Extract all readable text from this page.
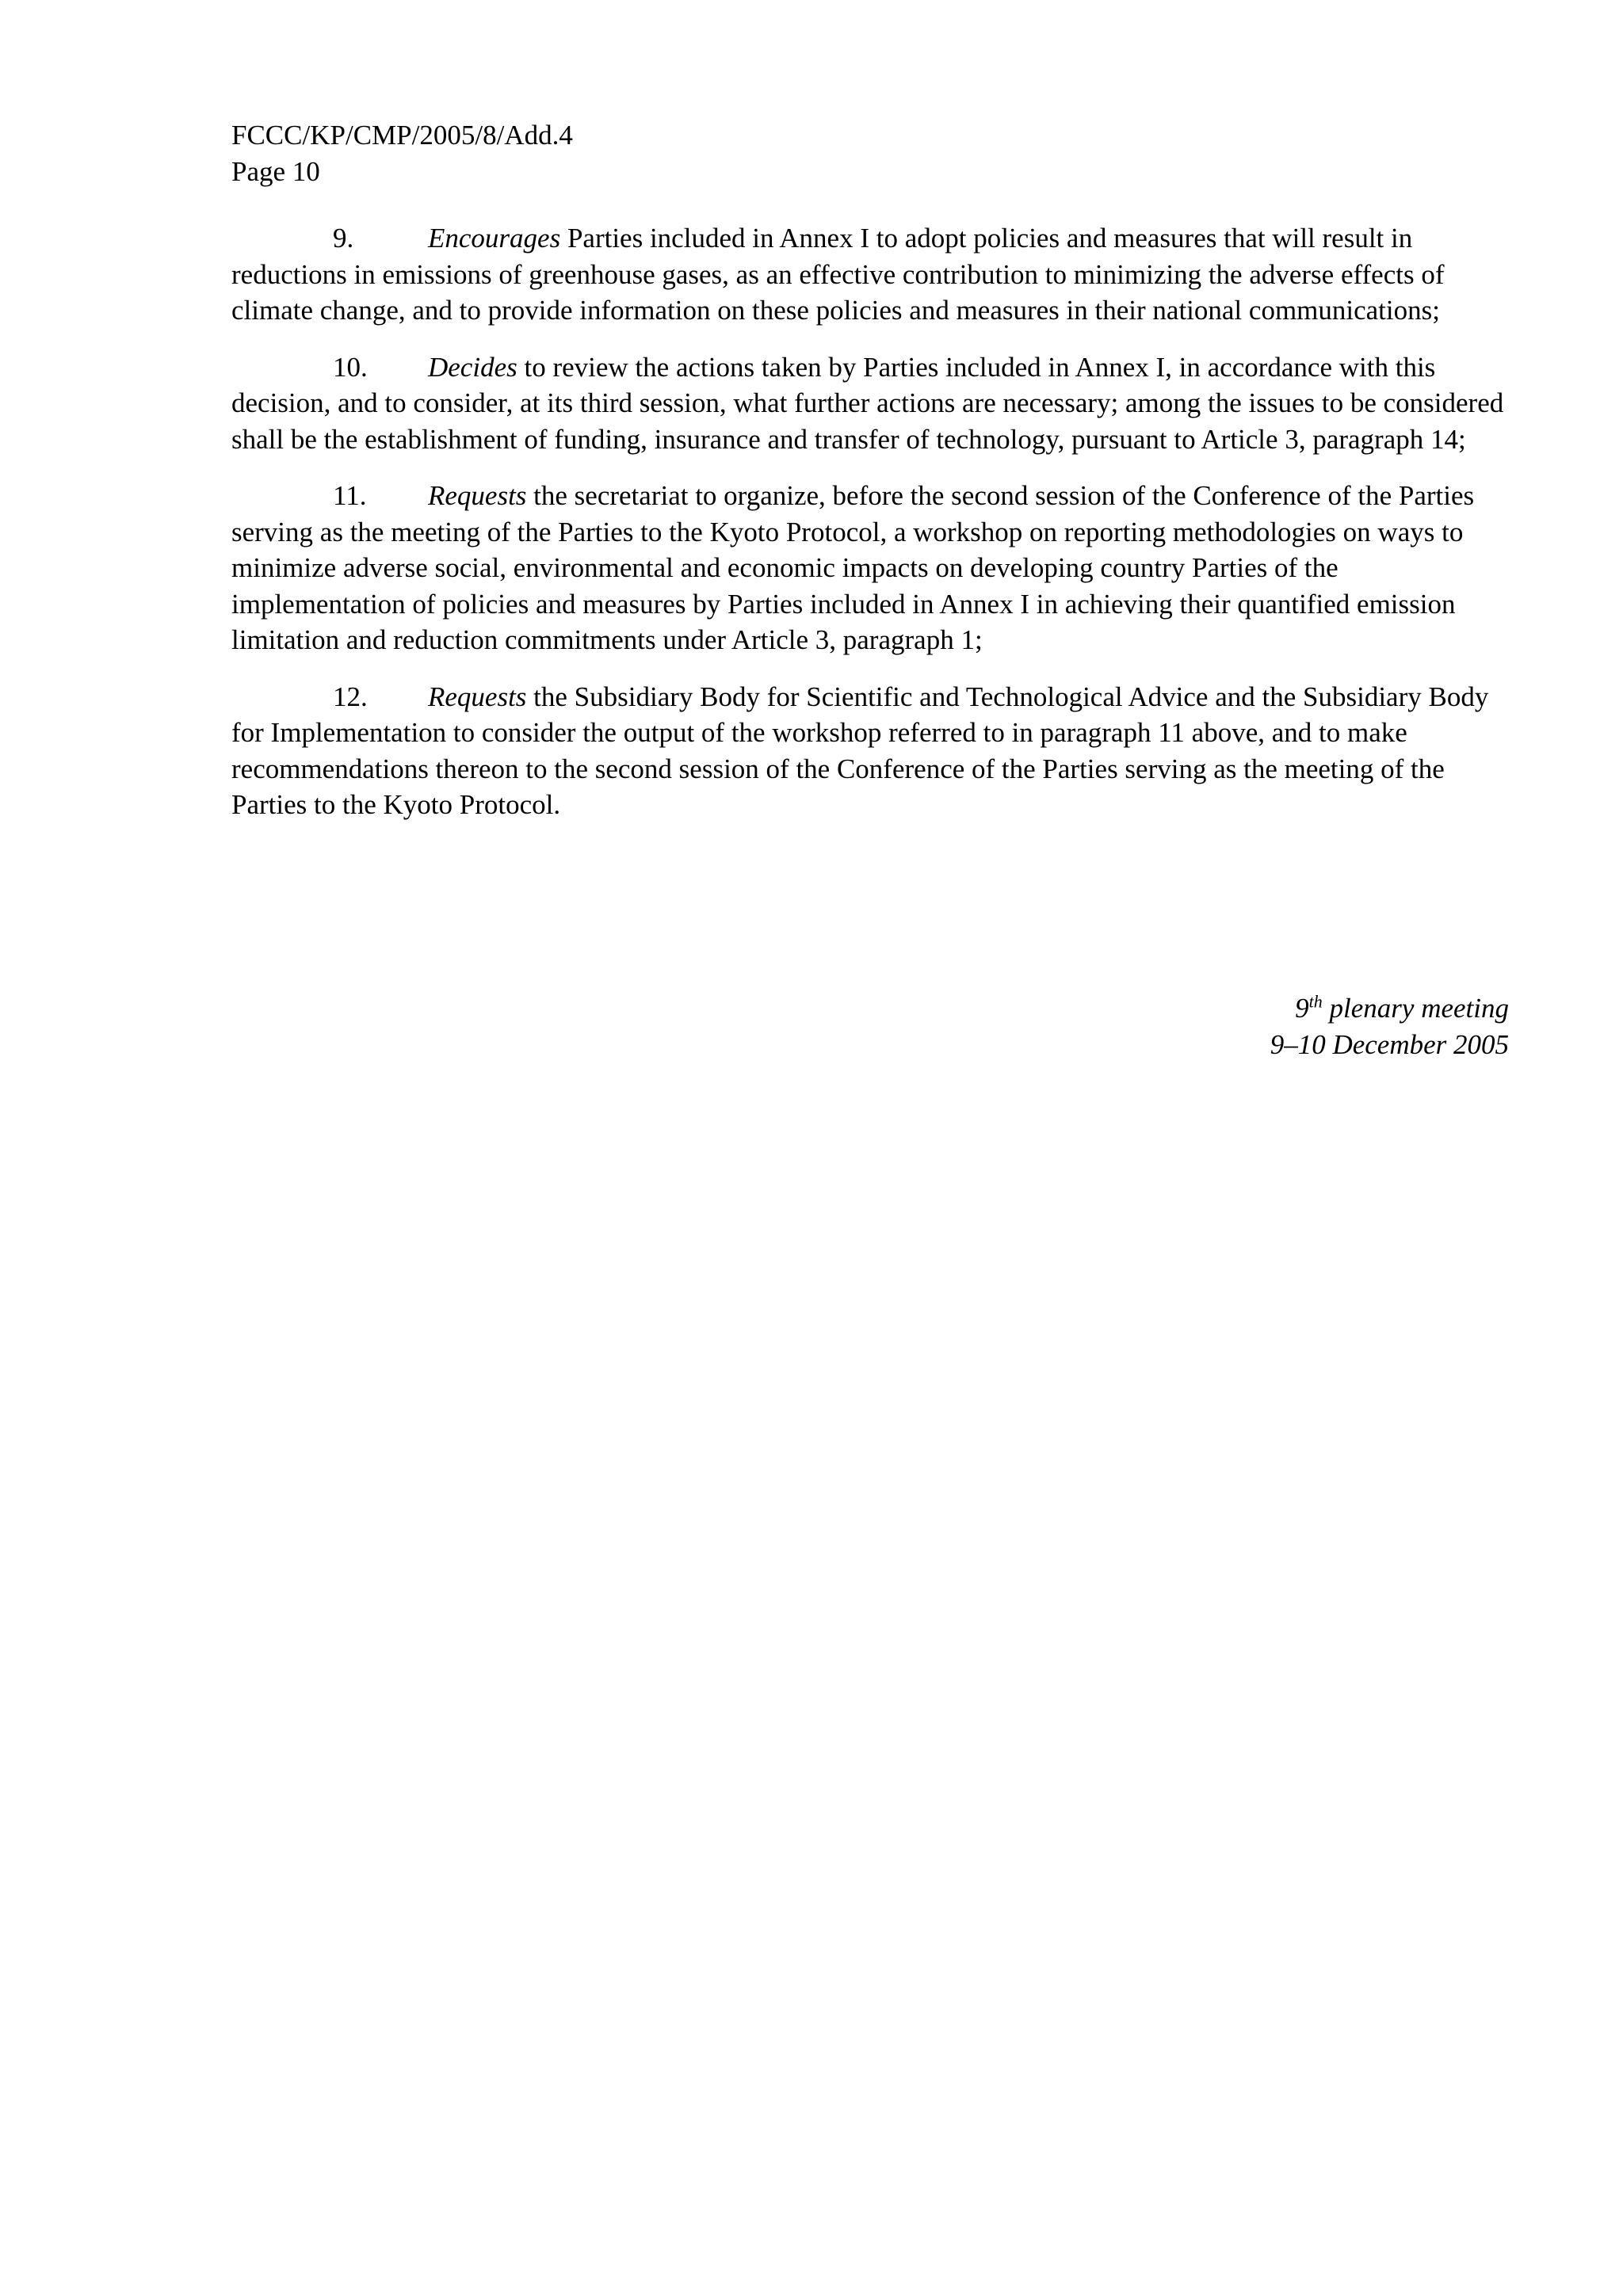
FCCC/KP/CMP/2005/8/Add.4
Page 10

9.	Encourages Parties included in Annex I to adopt policies and measures that will result in reductions in emissions of greenhouse gases, as an effective contribution to minimizing the adverse effects of climate change, and to provide information on these policies and measures in their national communications;

10. Decides to review the actions taken by Parties included in Annex I, in accordance with this decision, and to consider, at its third session, what further actions are necessary; among the issues to be considered shall be the establishment of funding, insurance and transfer of technology, pursuant to Article 3, paragraph 14;

11. Requests the secretariat to organize, before the second session of the Conference of the Parties serving as the meeting of the Parties to the Kyoto Protocol, a workshop on reporting methodologies on ways to minimize adverse social, environmental and economic impacts on developing country Parties of the implementation of policies and measures by Parties included in Annex I in achieving their quantified emission limitation and reduction commitments under Article 3, paragraph 1;

12. Requests the Subsidiary Body for Scientific and Technological Advice and the Subsidiary Body for Implementation to consider the output of the workshop referred to in paragraph 11 above, and to make recommendations thereon to the second session of the Conference of the Parties serving as the meeting of the Parties to the Kyoto Protocol.

9th plenary meeting
9–10 December 2005
